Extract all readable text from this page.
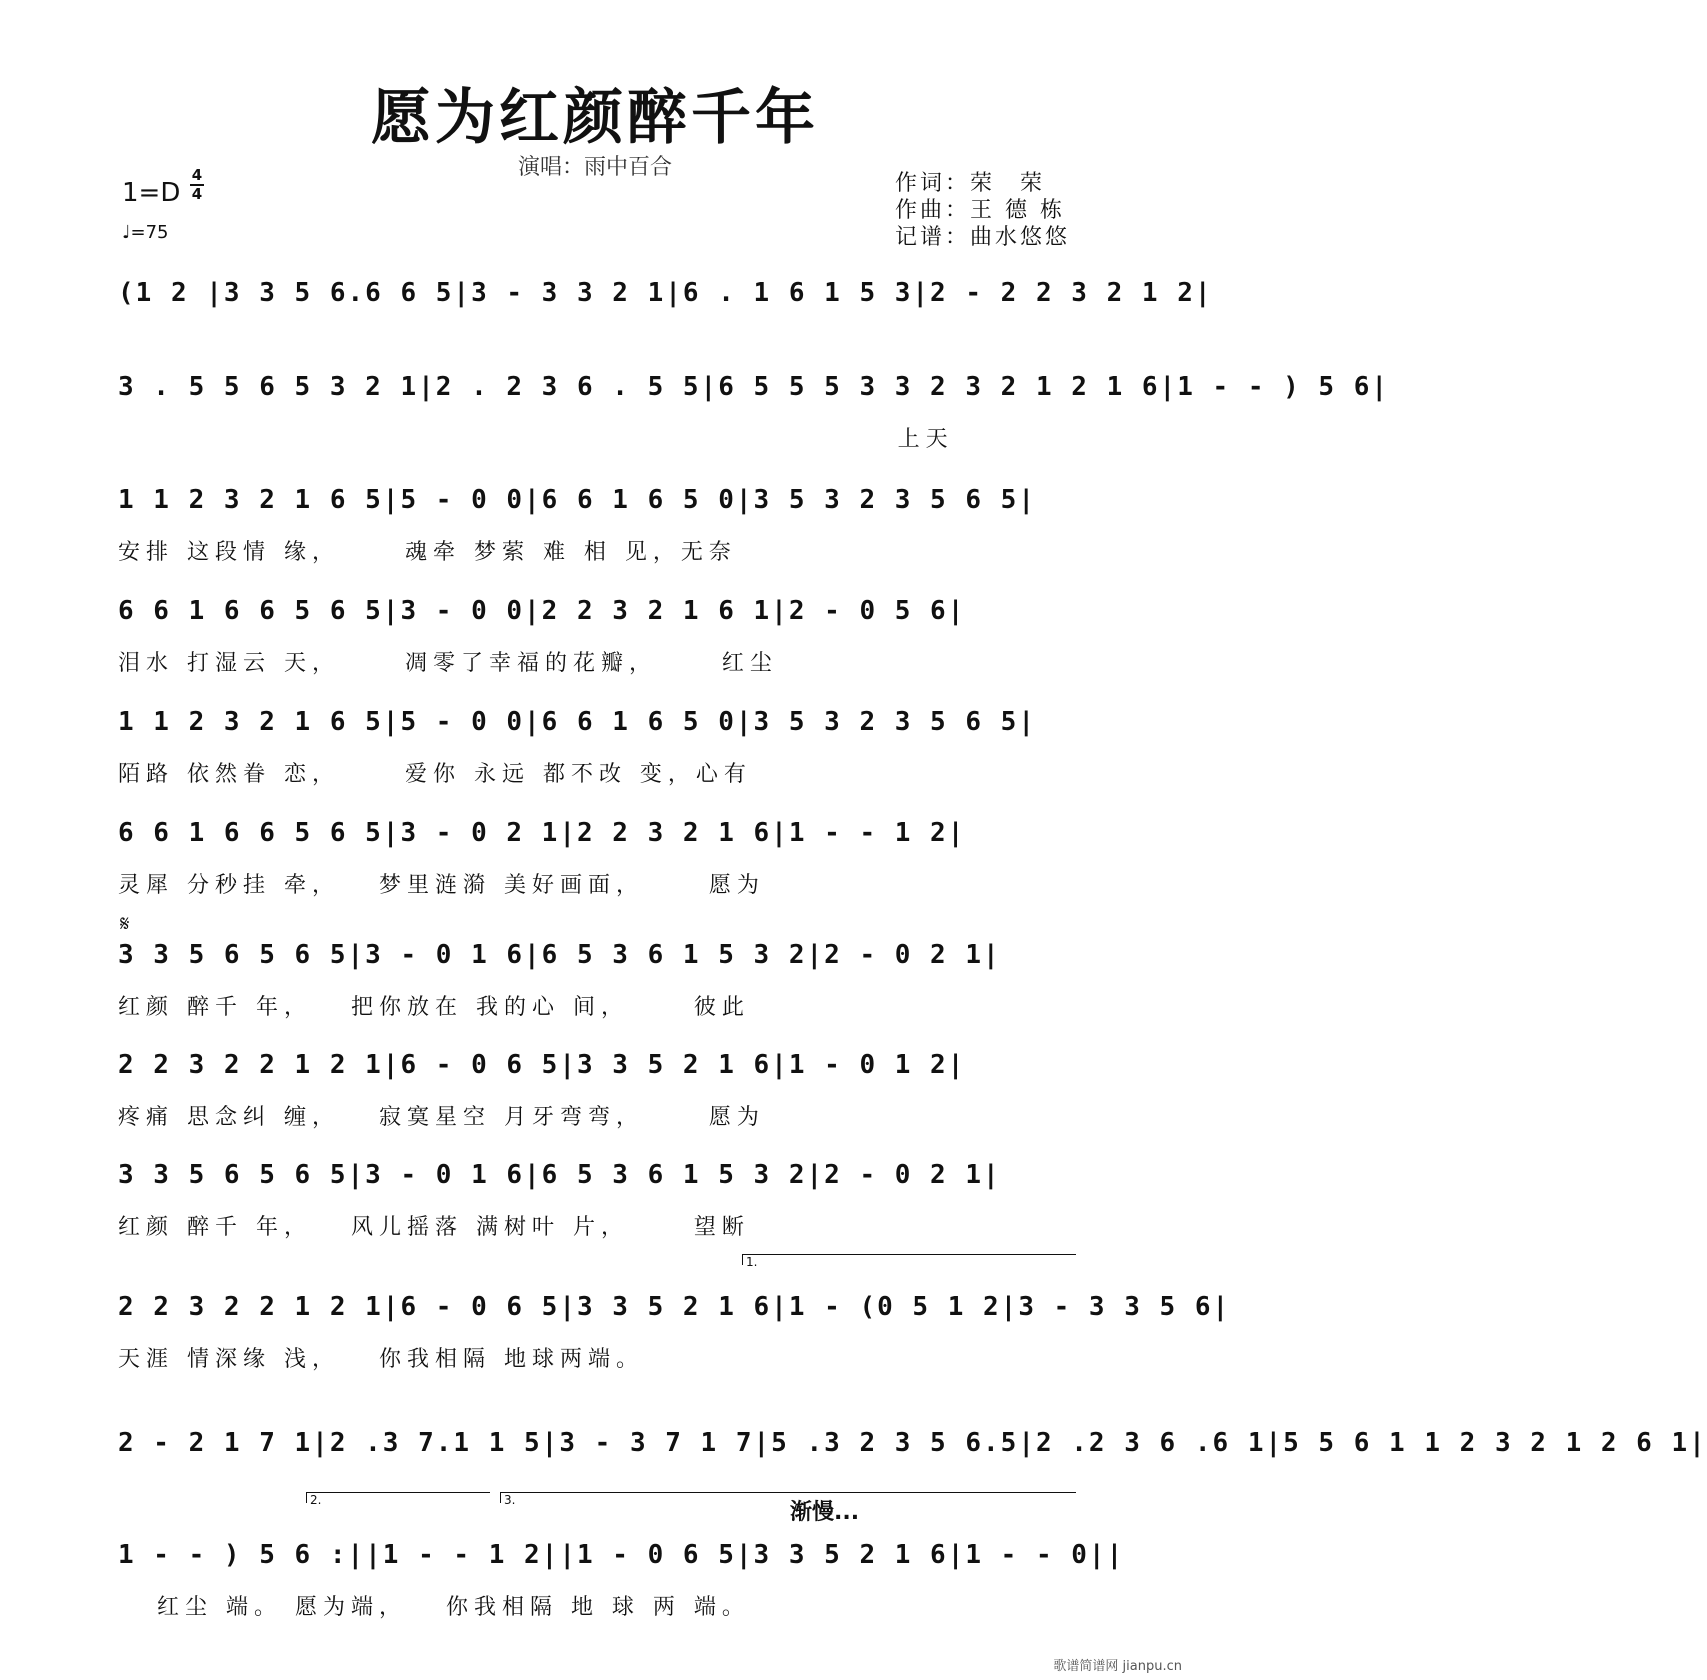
愿为红颜醉千年
演唱：雨中百合
1=D
4
4
♩=75
作词：荣　荣
作曲：王 德 栋
记谱：曲水悠悠
(1 2 |3 3 5 6.6 6 5|3 - 3 3 2 1|6 . 1 6 1 5 3|2 - 2 2 3 2 1 2|
3 . 5 5 6 5 3 2 1|2 . 2 3 6 . 5 5|6 5 5 5 3 3 2 3 2 1 2 1 6|1 - - ) 5 6|
上天
1 1 2 3 2 1 6 5|5 - 0 0|6 6 1 6 5 0|3 5 3 2 3 5 6 5|
安排 这段情 缘，     魂牵 梦萦 难 相 见，无奈
6 6 1 6 6 5 6 5|3 - 0 0|2 2 3 2 1 6 1|2 - 0 5 6|
泪水 打湿云 天，     凋零了幸福的花瓣，     红尘
1 1 2 3 2 1 6 5|5 - 0 0|6 6 1 6 5 0|3 5 3 2 3 5 6 5|
陌路 依然眷 恋，     爱你 永远 都不改 变，心有
6 6 1 6 6 5 6 5|3 - 0 2 1|2 2 3 2 1 6|1 - - 1 2|
灵犀 分秒挂 牵，   梦里涟漪 美好画面，     愿为
𝄋
3 3 5 6 5 6 5|3 - 0 1 6|6 5 3 6 1 5 3 2|2 - 0 2 1|
红颜 醉千 年，   把你放在 我的心 间，     彼此
2 2 3 2 2 1 2 1|6 - 0 6 5|3 3 5 2 1 6|1 - 0 1 2|
疼痛 思念纠 缠，   寂寞星空 月牙弯弯，     愿为
3 3 5 6 5 6 5|3 - 0 1 6|6 5 3 6 1 5 3 2|2 - 0 2 1|
红颜 醉千 年，   风儿摇落 满树叶 片，     望断
1.
2 2 3 2 2 1 2 1|6 - 0 6 5|3 3 5 2 1 6|1 - (0 5 1 2|3 - 3 3 5 6|
天涯 情深缘 浅，   你我相隔 地球两端。
2 - 2 1 7 1|2 .3 7.1 1 5|3 - 3 7 1 7|5 .3 2 3 5 6.5|2 .2 3 6 .6 1|5 5 6 1 1 2 3 2 1 2 6 1|
2.	3.	渐慢...
1 - - ) 5 6 :||1 - - 1 2||1 - 0 6 5|3 3 5 2 1 6|1 - - 0||
红尘 端。 愿为端，   你我相隔 地 球 两 端。
歌谱简谱网 jianpu.cn
